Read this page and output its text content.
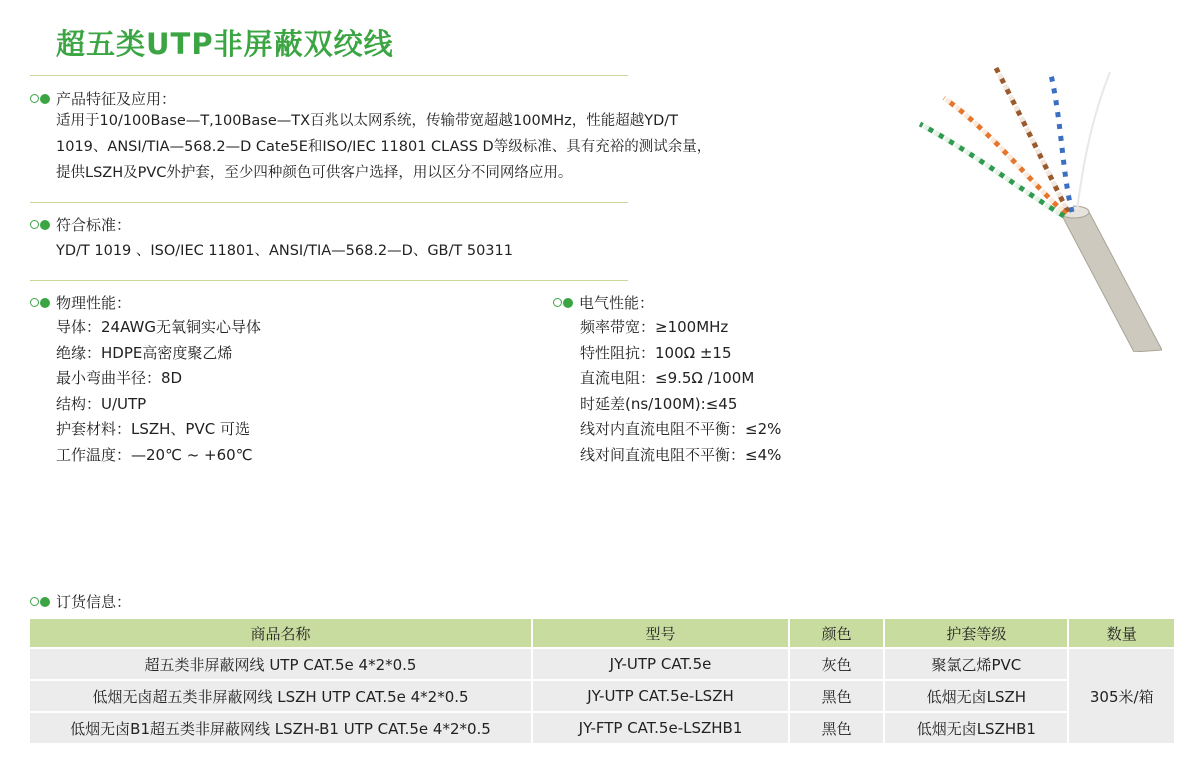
超五类UTP非屏蔽双绞线
产品特征及应用：
适用于10/100Base—T,100Base—TX百兆以太网系统，传输带宽超越100MHz，性能超越YD/T
1019、ANSI/TIA—568.2—D Cate5E和ISO/IEC 11801 CLASS D等级标准、具有充裕的测试余量，
提供LSZH及PVC外护套，至少四种颜色可供客户选择，用以区分不同网络应用。
符合标准：
YD/T 1019 、ISO/IEC 11801、ANSI/TIA—568.2—D、GB/T 50311
物理性能：
导体：24AWG无氧铜实心导体
绝缘：HDPE高密度聚乙烯
最小弯曲半径：8D
结构：U/UTP
护套材料：LSZH、PVC 可选
工作温度：—20℃ ~ +60℃
电气性能：
频率带宽：≥100MHz
特性阻抗：100Ω ±15
直流电阻：≤9.5Ω /100M
时延差(ns/100M):≤45
线对内直流电阻不平衡：≤2%
线对间直流电阻不平衡：≤4%
订货信息：
商品名称	型号	颜色	护套等级	数量
超五类非屏蔽网线 UTP CAT.5e 4*2*0.5	JY-UTP CAT.5e	灰色	聚氯乙烯PVC	305米/箱
低烟无卤超五类非屏蔽网线 LSZH UTP CAT.5e 4*2*0.5	JY-UTP CAT.5e-LSZH	黑色	低烟无卤LSZH	
低烟无卤B1超五类非屏蔽网线 LSZH-B1 UTP CAT.5e 4*2*0.5	JY-FTP CAT.5e-LSZHB1	黑色	低烟无卤LSZHB1	
